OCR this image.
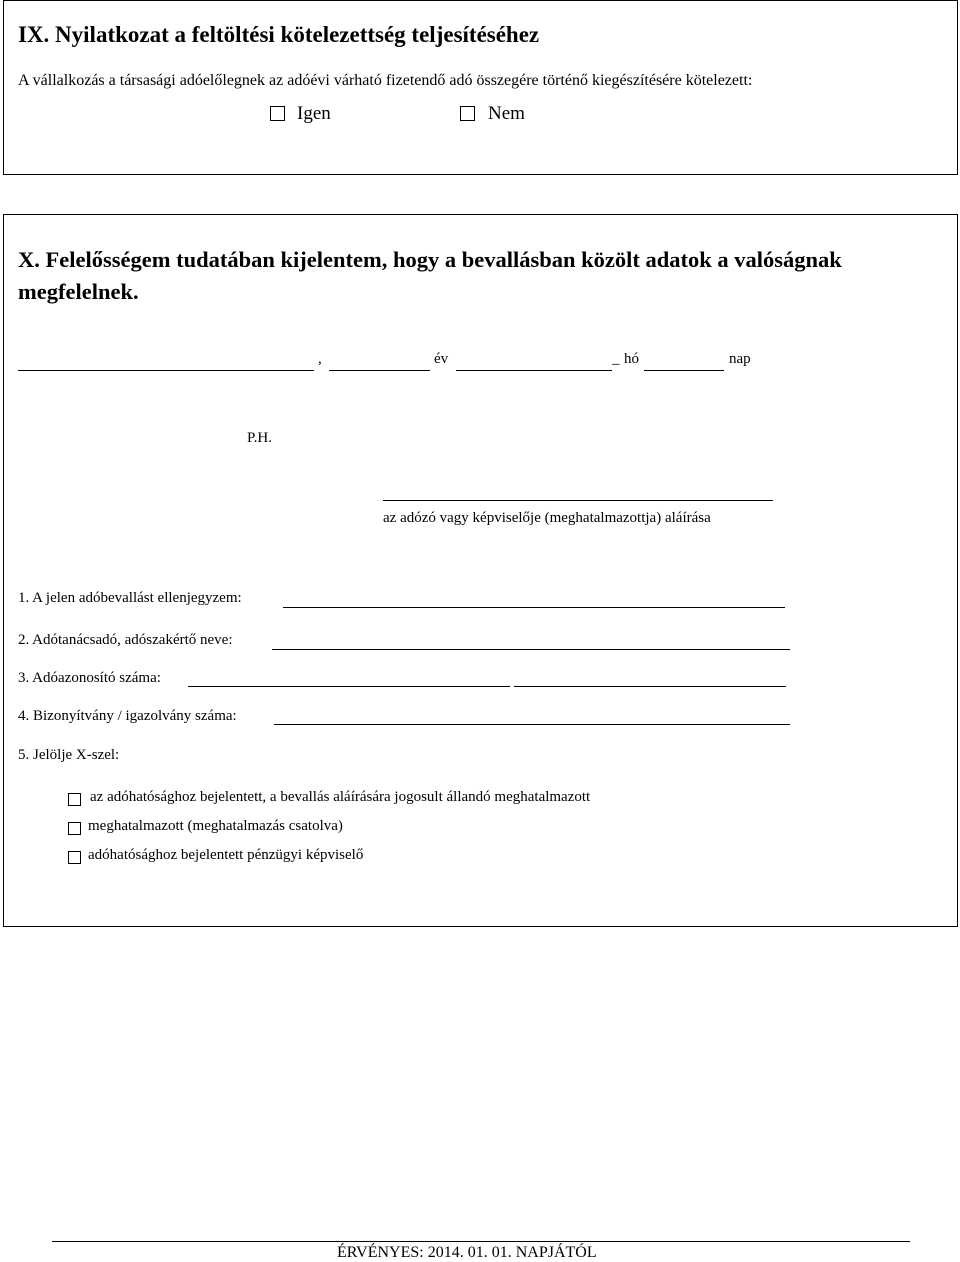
IX. Nyilatkozat a feltöltési kötelezettség teljesítéséhez
A vállalkozás a társasági adóelőlegnek az adóévi várható fizetendő adó összegére történő kiegészítésére kötelezett:
Igen	Nem
X. Felelősségem tudatában kijelentem, hogy a bevallásban közölt adatok a valóságnak
megfelelnek.
,	év	_ hó	nap
P.H.
az adózó vagy képviselője (meghatalmazottja) aláírása
1. A jelen adóbevallást ellenjegyzem:
2. Adótanácsadó, adószakértő neve:
3. Adóazonosító száma:
4. Bizonyítvány / igazolvány száma:
5. Jelölje X-szel:
az adóhatósághoz bejelentett, a bevallás aláírására jogosult állandó meghatalmazott
meghatalmazott (meghatalmazás csatolva)
adóhatósághoz bejelentett pénzügyi képviselő
ÉRVÉNYES: 2014. 01. 01. NAPJÁTÓL
